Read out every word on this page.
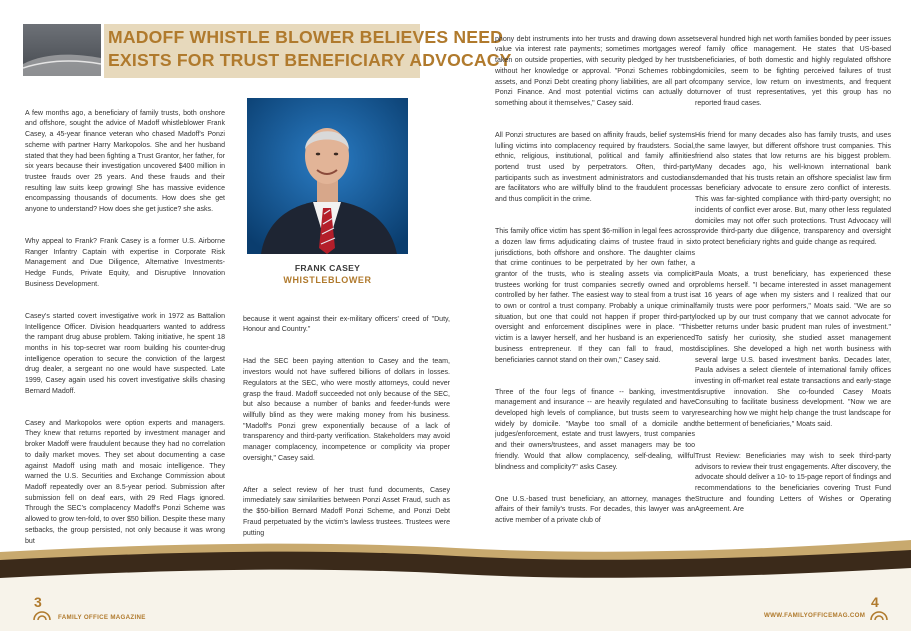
MADOFF WHISTLE BLOWER BELIEVES NEED
EXISTS FOR TRUST BENEFICIARY ADVOCACY

A few months ago, a beneficiary of family trusts, both onshore and offshore, sought the advice of Madoff whistleblower Frank Casey, a 45-year finance veteran who chased Madoff's Ponzi scheme with partner Harry Markopolos. She and her husband stated that they had been fighting a Trust Grantor, her father, for six years because their investigation uncovered $400 million in trustee frauds over 25 years. And these frauds and their resulting law suits keep growing! She has massive evidence encompassing thousands of documents. How does she get anyone to understand? How does she get justice? she asks.

Why appeal to Frank? Frank Casey is a former U.S. Airborne Ranger Infantry Captain with expertise in Corporate Risk Management and Due Diligence, Alternative Investments-Hedge Funds, Private Equity, and Disruptive Innovation Business Development.

Casey's started covert investigative work in 1972 as Battalion Intelligence Officer. Division headquarters wanted to address the rampant drug abuse problem. Taking initiative, he spent 18 months in his top-secret war room building his counter-drug intelligence operation to secure the conviction of the largest drug dealer, a sergeant no one would have suspected. Late 1999, Casey again used his covert investigative skills chasing Bernard Madoff.

Casey and Markopolos were option experts and managers. They knew that returns reported by investment manager and broker Madoff were fraudulent because they had no correlation to daily market moves. They set about documenting a case against Madoff using math and mosaic intelligence. They warned the U.S. Securities and Exchange Commission about Madoff repeatedly over an 8.5-year period. Submission after submission fell on deaf ears, with 29 Red Flags ignored. Through the SEC's complacency Madoff's Ponzi Scheme was allowed to grow ten-fold, to over $50 billion. Despite these many setbacks, the group persisted, not only because it was wrong but

FRANK CASEY
WHISTLEBLOWER

because it went against their ex-military officers' creed of "Duty, Honour and Country."

Had the SEC been paying attention to Casey and the team, investors would not have suffered billions of dollars in losses. Regulators at the SEC, who were mostly attorneys, could never grasp the fraud. Madoff succeeded not only because of the SEC, but also because a number of banks and feeder-funds were willfully blind as they were making money from his business. "Madoff's Ponzi grew exponentially because of a lack of transparency and third-party verification. Stakeholders may avoid manager complacency, incompetence or complicity via proper oversight," Casey said.

After a select review of her trust fund documents, Casey immediately saw similarities between Ponzi Asset Fraud, such as the $50-billion Bernard Madoff Ponzi Scheme, and Ponzi Debt Fraud perpetuated by the victim's lawless trustees. Trustees were putting

phony debt instruments into her trusts and drawing down asset value via interest rate payments; sometimes mortgages were taken on outside properties, with security pledged by her trusts without her knowledge or approval. "Ponzi Schemes robbing assets, and Ponzi Debt creating phony liabilities, are all part of Ponzi Finance. And most potential victims can actually do something about it themselves," Casey said.

All Ponzi structures are based on affinity frauds, belief systems lulling victims into complacency required by fraudsters. Social, ethnic, religious, institutional, political and family affinities portend trust used by perpetrators. Often, third-party participants such as investment administrators and custodians are facilitators who are willfully blind to the fraudulent process and thus complicit in the crime.

This family office victim has spent $6-million in legal fees across a dozen law firms adjudicating claims of trustee fraud in six jurisdictions, both offshore and onshore. The daughter claims that crime continues to be perpetrated by her own father, a grantor of the trusts, who is stealing assets via complicit trustees working for trust companies secretly owned and or controlled by her father. The easiest way to steal from a trust is to own or control a trust company. Probably a unique criminal situation, but one that could not happen if proper third-party oversight and enforcement disciplines were in place. "This victim is a lawyer herself, and her husband is an experienced business entrepreneur. If they can fall to fraud, most beneficiaries cannot stand on their own," Casey said.

Three of the four legs of finance -- banking, investment management and insurance -- are heavily regulated and have developed high levels of compliance, but trusts seem to vary widely by domicile. "Maybe too small of a domicile and judges/enforcement, estate and trust lawyers, trust companies and their owners/trustees, and asset managers may be too friendly. Would that allow complacency, self-dealing, willful blindness and complicity?" asks Casey.

One U.S.-based trust beneficiary, an attorney, manages the affairs of their family's trusts. For decades, this lawyer was an active member of a private club of

several hundred high net worth families bonded by peer issues of family office management. He states that US-based beneficiaries, of both domestic and highly regulated offshore domiciles, seem to be fighting perceived failures of trust company service, low return on investments, and frequent turnover of trust representatives, yet this group has no reported fraud cases.

His friend for many decades also has family trusts, and uses the same lawyer, but different offshore trust companies. This friend also states that low returns are his biggest problem. Many decades ago, his well-known international bank demanded that his trusts retain an offshore specialist law firm as beneficiary advocate to ensure zero conflict of interests. This was far-sighted compliance with third-party oversight; no incidents of conflict ever arose. But, many other less regulated domiciles may not offer such protections. Trust Advocacy will provide third-party due diligence, transparency and oversight to protect beneficiary rights and guide change as required.

Paula Moats, a trust beneficiary, has experienced these problems herself. "I became interested in asset management at 16 years of age when my sisters and I realized that our family trusts were poor performers," Moats said. "We are so locked up by our trust company that we cannot advocate for better returns under basic prudent man rules of investment." To satisfy her curiosity, she studied asset management disciplines. She developed a high net worth business with several large U.S. based investment banks. Decades later, Paula advises a select clientele of international family offices investing in off-market real estate transactions and early-stage disruptive innovation. She co-founded Casey Moats Consulting to facilitate business development. "Now we are researching how we might help change the trust landscape for the betterment of beneficiaries," Moats said.

Trust Review: Beneficiaries may wish to seek third-party advisors to review their trust engagements. After discovery, the advocate should deliver a 10- to 15-page report of findings and recommendations to the beneficiaries covering Trust Fund Structure and founding Letters of Wishes or Operating Agreement. Are

3	4
FAMILY OFFICE MAGAZINE	WWW.FAMILYOFFICEMAG.COM
